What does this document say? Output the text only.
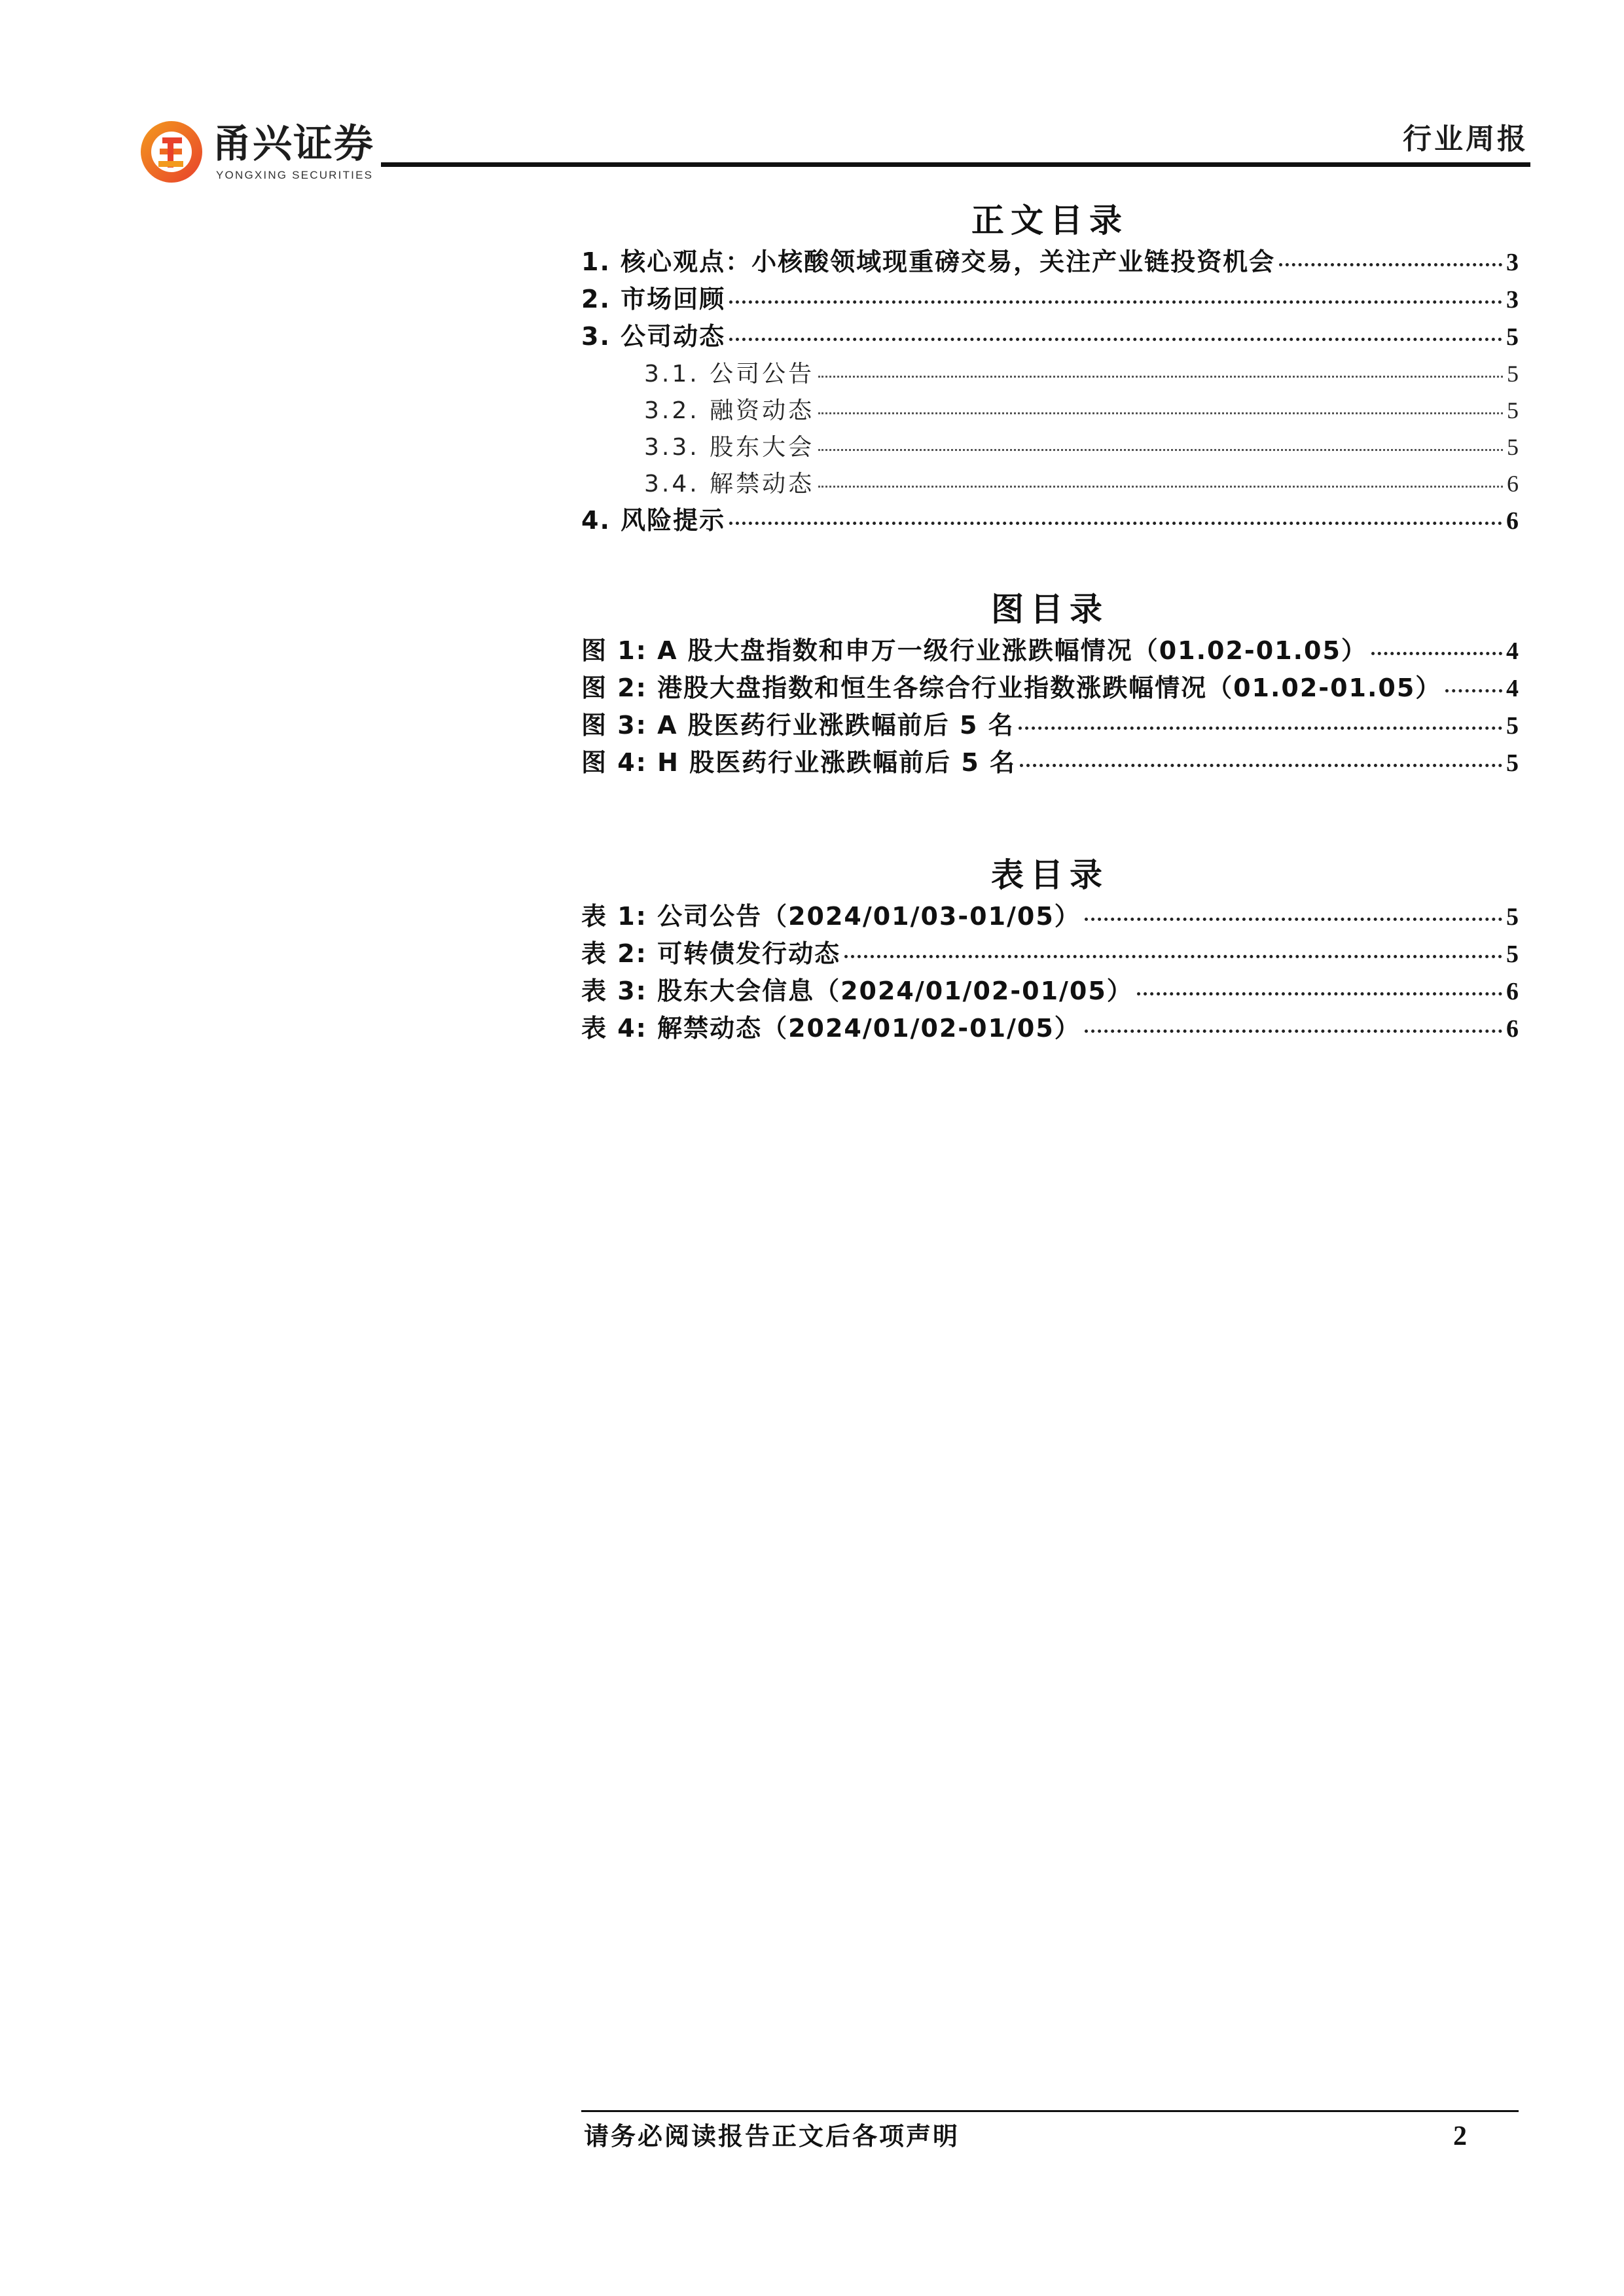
甬兴证券
YONGXING SECURITIES
行业周报
正文目录
1. 核心观点：小核酸领域现重磅交易，关注产业链投资机会	3
2. 市场回顾	3
3. 公司动态	5
3.1. 公司公告	5
3.2. 融资动态	5
3.3. 股东大会	5
3.4. 解禁动态	6
4. 风险提示	6
图目录
图 1: A 股大盘指数和申万一级行业涨跌幅情况（01.02-01.05）	4
图 2: 港股大盘指数和恒生各综合行业指数涨跌幅情况（01.02-01.05）	4
图 3: A 股医药行业涨跌幅前后 5 名	5
图 4: H 股医药行业涨跌幅前后 5 名	5
表目录
表 1: 公司公告（2024/01/03-01/05）	5
表 2: 可转债发行动态	5
表 3: 股东大会信息（2024/01/02-01/05）	6
表 4: 解禁动态（2024/01/02-01/05）	6
请务必阅读报告正文后各项声明	2
